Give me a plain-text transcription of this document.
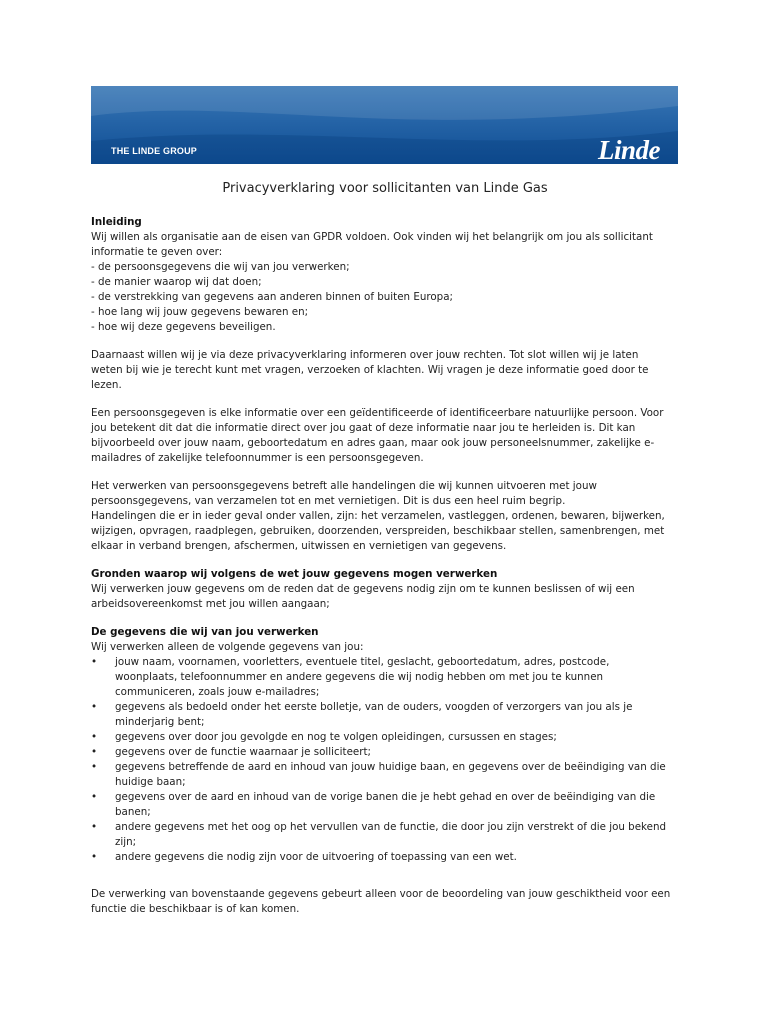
THE LINDE GROUP	Linde
Privacyverklaring voor sollicitanten van Linde Gas

Inleiding
Wij willen als organisatie aan de eisen van GPDR voldoen. Ook vinden wij het belangrijk om jou als sollicitant informatie te geven over:
- de persoonsgegevens die wij van jou verwerken;
- de manier waarop wij dat doen;
- de verstrekking van gegevens aan anderen binnen of buiten Europa;
- hoe lang wij jouw gegevens bewaren en;
- hoe wij deze gegevens beveiligen.

Daarnaast willen wij je via deze privacyverklaring informeren over jouw rechten. Tot slot willen wij je laten weten bij wie je terecht kunt met vragen, verzoeken of klachten. Wij vragen je deze informatie goed door te lezen.

Een persoonsgegeven is elke informatie over een geïdentificeerde of identificeerbare natuurlijke persoon. Voor jou betekent dit dat die informatie direct over jou gaat of deze informatie naar jou te herleiden is. Dit kan bijvoorbeeld over jouw naam, geboortedatum en adres gaan, maar ook jouw personeelsnummer, zakelijke e-mailadres of zakelijke telefoonnummer is een persoonsgegeven.

Het verwerken van persoonsgegevens betreft alle handelingen die wij kunnen uitvoeren met jouw persoonsgegevens, van verzamelen tot en met vernietigen. Dit is dus een heel ruim begrip.
Handelingen die er in ieder geval onder vallen, zijn: het verzamelen, vastleggen, ordenen, bewaren, bijwerken, wijzigen, opvragen, raadplegen, gebruiken, doorzenden, verspreiden, beschikbaar stellen, samenbrengen, met elkaar in verband brengen, afschermen, uitwissen en vernietigen van gegevens.

Gronden waarop wij volgens de wet jouw gegevens mogen verwerken
Wij verwerken jouw gegevens om de reden dat de gegevens nodig zijn om te kunnen beslissen of wij een arbeidsovereenkomst met jou willen aangaan;

De gegevens die wij van jou verwerken
Wij verwerken alleen de volgende gegevens van jou:
• jouw naam, voornamen, voorletters, eventuele titel, geslacht, geboortedatum, adres, postcode, woonplaats, telefoonnummer en andere gegevens die wij nodig hebben om met jou te kunnen communiceren, zoals jouw e-mailadres;
• gegevens als bedoeld onder het eerste bolletje, van de ouders, voogden of verzorgers van jou als je minderjarig bent;
• gegevens over door jou gevolgde en nog te volgen opleidingen, cursussen en stages;
• gegevens over de functie waarnaar je solliciteert;
• gegevens betreffende de aard en inhoud van jouw huidige baan, en gegevens over de beëindiging van die huidige baan;
• gegevens over de aard en inhoud van de vorige banen die je hebt gehad en over de beëindiging van die banen;
• andere gegevens met het oog op het vervullen van de functie, die door jou zijn verstrekt of die jou bekend zijn;
• andere gegevens die nodig zijn voor de uitvoering of toepassing van een wet.

De verwerking van bovenstaande gegevens gebeurt alleen voor de beoordeling van jouw geschiktheid voor een functie die beschikbaar is of kan komen.
